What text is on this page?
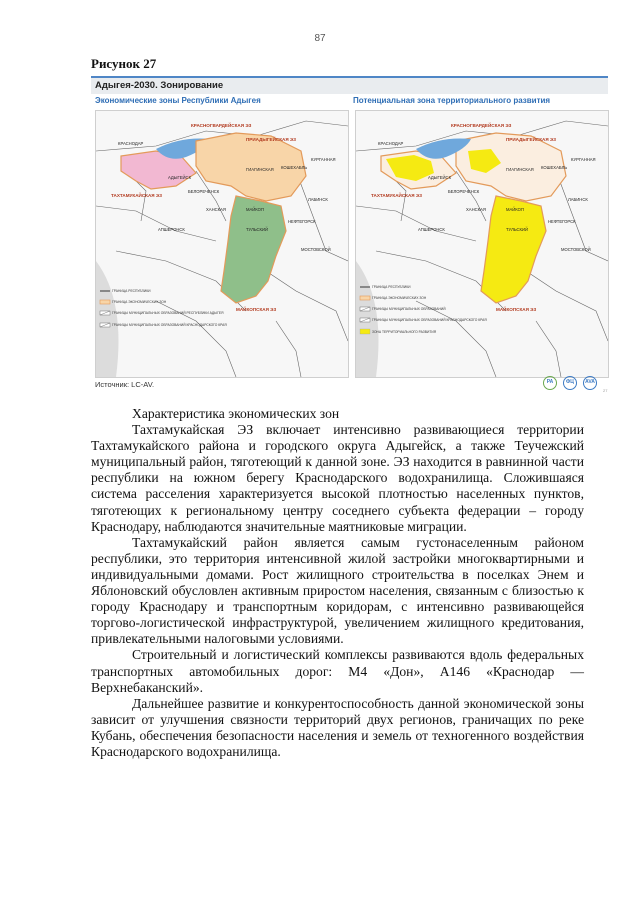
87
Рисунок 27
Адыгея-2030. Зонирование
Экономические зоны Республики Адыгея	Потенциальная зона территориального развития
КРАСНОГВАРДЕЙСКАЯ ЭЗ
ПРИАДЫГЕЙСКАЯ ЭЗ
КРАСНОДАР
ТАХТАМУКАЙСКАЯ ЭЗ
АДЫГЕЙСК
БЕЛОРЕЧЕНСК
МАЙКОП
ТУЛЬСКИЙ
ГИАГИНСКАЯ КОШЕХАБЛЬ
КУРГАННАЯ
ЛАБИНСК
ХАНСКАЯ
НЕФТЕГОРСК
МОСТОВСКОЙ
АПШЕРОНСК
МАЙКОПСКАЯ ЭЗ
ГРАНИЦА РЕСПУБЛИКИ
ГРАНИЦА ЭКОНОМИЧЕСКИХ ЗОН
ГРАНИЦЫ МУНИЦИПАЛЬНЫХ ОБРАЗОВАНИЙ РЕСПУБЛИКИ АДЫГЕЯ
ГРАНИЦЫ МУНИЦИПАЛЬНЫХ ОБРАЗОВАНИЙ КРАСНОДАРСКОГО КРАЯ
КРАСНОГВАРДЕЙСКАЯ ЭЗ
ПРИАДЫГЕЙСКАЯ ЭЗ
КРАСНОДАР
ТАХТАМУКАЙСКАЯ ЭЗ
АДЫГЕЙСК
БЕЛОРЕЧЕНСК
МАЙКОП
ТУЛЬСКИЙ
ГИАГИНСКАЯ КОШЕХАБЛЬ
КУРГАННАЯ
ЛАБИНСК
ХАНСКАЯ
НЕФТЕГОРСК
МОСТОВСКОЙ
АПШЕРОНСК
МАЙКОПСКАЯ ЭЗ
ГРАНИЦА РЕСПУБЛИКИ
ГРАНИЦА ЭКОНОМИЧЕСКИХ ЗОН
ГРАНИЦЫ МУНИЦИПАЛЬНЫХ ОБРАЗОВАНИЙ
ГРАНИЦЫ МУНИЦИПАЛЬНЫХ ОБРАЗОВАНИЙ КРАСНОДАРСКОГО КРАЯ
ЗОНА ТЕРРИТОРИАЛЬНОГО РАЗВИТИЯ
Источник: LC-AV.	РА	ФЦ	AVA
27

Характеристика экономических зон

Тахтамукайская ЭЗ включает интенсивно развивающиеся территории Тахтамукайского района и городского округа Адыгейск, а также Теучежский муниципальный район, тяготеющий к данной зоне. ЭЗ находится в равнинной части республики на южном берегу Краснодарского водохранилища. Сложившаяся система расселения характеризуется высокой плотностью населенных пунктов, тяготеющих к региональному центру соседнего субъекта федерации – городу Краснодару, наблюдаются значительные маятниковые миграции.

Тахтамукайский район является самым густонаселенным районом республики, это территория интенсивной жилой застройки многоквартирными и индивидуальными домами. Рост жилищного строительства в поселках Энем и Яблоновский обусловлен активным приростом населения, связанным с близостью к городу Краснодару и транспортным коридорам, с интенсивно развивающейся торгово-логистической инфраструктурой, увеличением жилищного кредитования, привлекательными налоговыми условиями.

Строительный и логистический комплексы развиваются вдоль федеральных транспортных автомобильных дорог: М4 «Дон», А146 «Краснодар — Верхнебаканский».

Дальнейшее развитие и конкурентоспособность данной экономической зоны зависит от улучшения связности территорий двух регионов, граничащих по реке Кубань, обеспечения безопасности населения и земель от техногенного воздействия Краснодарского водохранилища.
